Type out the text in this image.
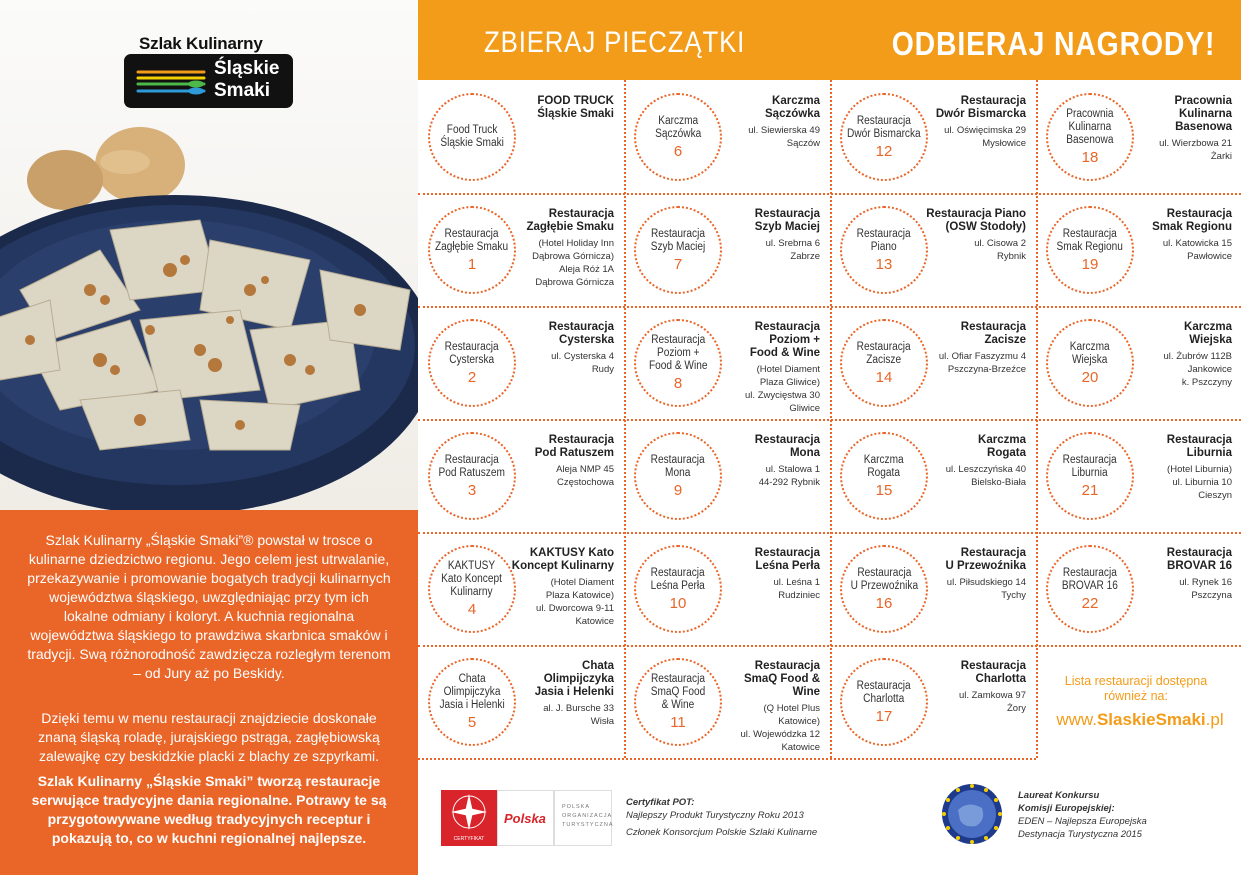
Szlak Kulinarny
Śląskie
Smaki

Szlak Kulinarny „Śląskie Smaki”® powstał w trosce o kulinarne dziedzictwo regionu. Jego celem jest utrwalanie, przekazywanie i promowanie bogatych tradycji kulinarnych województwa śląskiego, uwzględniając przy tym ich lokalne odmiany i koloryt. A kuchnia regionalna województwa śląskiego to prawdziwa skarbnica smaków i tradycji. Swą różnorodność zawdzięcza rozległym terenom – od Jury aż po Beskidy.

Dzięki temu w menu restauracji znajdziecie doskonałe znaną śląską roladę, jurajskiego pstrąga, zagłębiowską zalewajkę czy beskidzkie placki z blachy ze szpyrkami.

Szlak Kulinarny „Śląskie Smaki” tworzą restauracje serwujące tradycyjne dania regionalne. Potrawy te są przygotowywane według tradycyjnych receptur i pokazują to, co w kuchni regionalnej najlepsze.

ZBIERAJ PIECZĄTKI	ODBIERAJ NAGRODY!
Food Truck
Śląskie Smaki
FOOD TRUCK
Śląskie Smaki
Karczma
Sączówka
6
Karczma
Sączówka
ul. Siewierska 49
Sączów
Restauracja
Dwór Bismarcka
12
Restauracja
Dwór Bismarcka
ul. Oświęcimska 29
Mysłowice
Pracownia
Kulinarna
Basenowa
18
Pracownia
Kulinarna
Basenowa
ul. Wierzbowa 21
Żarki
Restauracja
Zagłębie Smaku
1
Restauracja
Zagłębie Smaku
(Hotel Holiday Inn
Dąbrowa Górnicza)
Aleja Róż 1A
Dąbrowa Górnicza
Restauracja
Szyb Maciej
7
Restauracja
Szyb Maciej
ul. Srebrna 6
Zabrze
Restauracja
Piano
13
Restauracja Piano
(OSW Stodoły)
ul. Cisowa 2
Rybnik
Restauracja
Smak Regionu
19
Restauracja
Smak Regionu
ul. Katowicka 15
Pawłowice
Restauracja
Cysterska
2
Restauracja
Cysterska
ul. Cysterska 4
Rudy
Restauracja
Poziom +
Food & Wine
8
Restauracja
Poziom +
Food & Wine
(Hotel Diament
Plaza Gliwice)
ul. Zwycięstwa 30
Gliwice
Restauracja
Zacisze
14
Restauracja
Zacisze
ul. Ofiar Faszyzmu 4
Pszczyna-Brzeźce
Karczma
Wiejska
20
Karczma
Wiejska
ul. Żubrów 112B
Jankowice
k. Pszczyny
Restauracja
Pod Ratuszem
3
Restauracja
Pod Ratuszem
Aleja NMP 45
Częstochowa
Restauracja
Mona
9
Restauracja
Mona
ul. Stalowa 1
44-292 Rybnik
Karczma
Rogata
15
Karczma
Rogata
ul. Leszczyńska 40
Bielsko-Biała
Restauracja
Liburnia
21
Restauracja
Liburnia
(Hotel Liburnia)
ul. Liburnia 10
Cieszyn
KAKTUSY
Kato Koncept
Kulinarny
4
KAKTUSY Kato
Koncept Kulinarny
(Hotel Diament
Plaza Katowice)
ul. Dworcowa 9-11
Katowice
Restauracja
Leśna Perła
10
Restauracja
Leśna Perła
ul. Leśna 1
Rudziniec
Restauracja
U Przewoźnika
16
Restauracja
U Przewoźnika
ul. Piłsudskiego 14
Tychy
Restauracja
BROVAR 16
22
Restauracja
BROVAR 16
ul. Rynek 16
Pszczyna
Chata
Olimpijczyka
Jasia i Helenki
5
Chata
Olimpijczyka
Jasia i Helenki
al. J. Bursche 33
Wisła
Restauracja
SmaQ Food
& Wine
11
Restauracja
SmaQ Food & Wine
(Q Hotel Plus
Katowice)
ul. Wojewódzka 12
Katowice
Restauracja
Charlotta
17
Restauracja
Charlotta
ul. Zamkowa 97
Żory
Lista restauracji dostępna również na:
www.SlaskieSmaki.pl
CERTYFIKAT
Polska
POLSKA
ORGANIZACJA
TURYSTYCZNA
Certyfikat POT:
Najlepszy Produkt Turystyczny Roku 2013
Członek Konsorcjum Polskie Szlaki Kulinarne
Laureat Konkursu
Komisji Europejskiej:
EDEN – Najlepsza Europejska
Destynacja Turystyczna 2015
